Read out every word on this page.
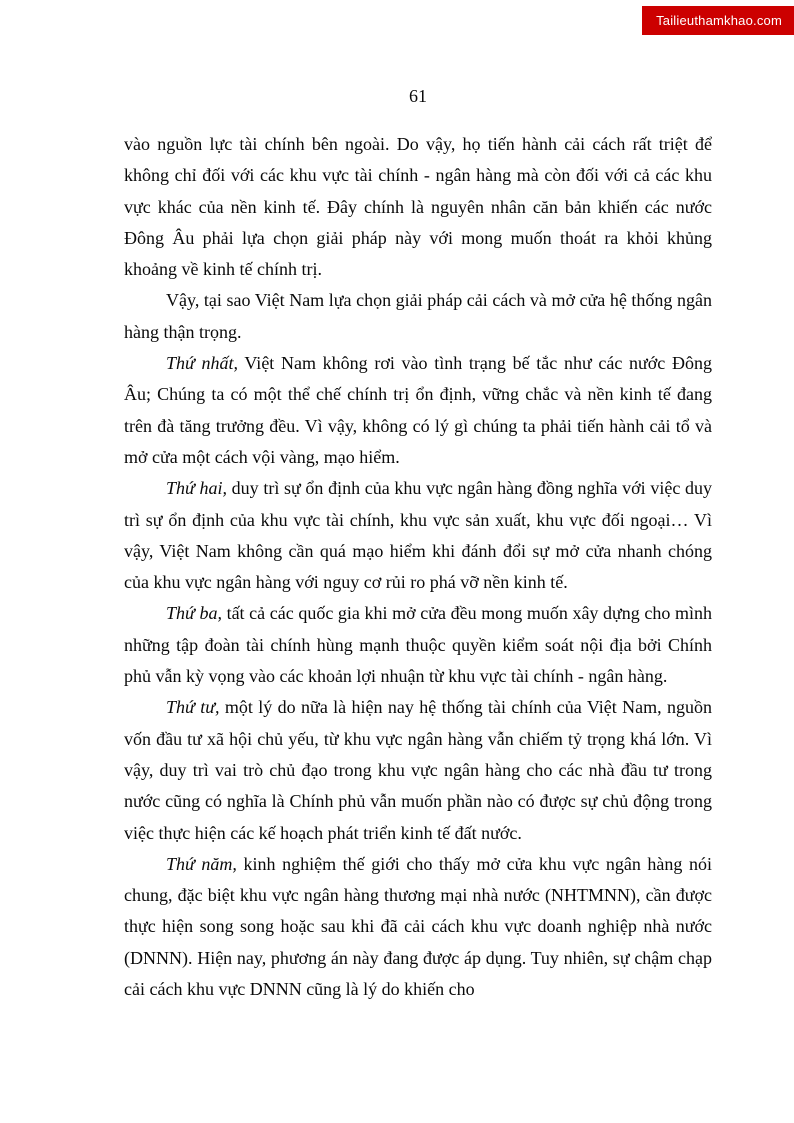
Tailieuthamkhao.com
61

vào nguồn lực tài chính bên ngoài. Do vậy, họ tiến hành cải cách rất triệt để không chỉ đối với các khu vực tài chính - ngân hàng mà còn đối với cả các khu vực khác của nền kinh tế. Đây chính là nguyên nhân căn bản khiến các nước Đông Âu phải lựa chọn giải pháp này với mong muốn thoát ra khỏi khủng khoảng về kinh tế chính trị.

Vậy, tại sao Việt Nam lựa chọn giải pháp cải cách và mở cửa hệ thống ngân hàng thận trọng.

Thứ nhất, Việt Nam không rơi vào tình trạng bế tắc như các nước Đông Âu; Chúng ta có một thể chế chính trị ổn định, vững chắc và nền kinh tế đang trên đà tăng trưởng đều. Vì vậy, không có lý gì chúng ta phải tiến hành cải tổ và mở cửa một cách vội vàng, mạo hiểm.

Thứ hai, duy trì sự ổn định của khu vực ngân hàng đồng nghĩa với việc duy trì sự ổn định của khu vực tài chính, khu vực sản xuất, khu vực đối ngoại… Vì vậy, Việt Nam không cần quá mạo hiểm khi đánh đổi sự mở cửa nhanh chóng của khu vực ngân hàng với nguy cơ rủi ro phá vỡ nền kinh tế.

Thứ ba, tất cả các quốc gia khi mở cửa đều mong muốn xây dựng cho mình những tập đoàn tài chính hùng mạnh thuộc quyền kiểm soát nội địa bởi Chính phủ vẫn kỳ vọng vào các khoản lợi nhuận từ khu vực tài chính - ngân hàng.

Thứ tư, một lý do nữa là hiện nay hệ thống tài chính của Việt Nam, nguồn vốn đầu tư xã hội chủ yếu, từ khu vực ngân hàng vẫn chiếm tỷ trọng khá lớn. Vì vậy, duy trì vai trò chủ đạo trong khu vực ngân hàng cho các nhà đầu tư trong nước cũng có nghĩa là Chính phủ vẫn muốn phần nào có được sự chủ động trong việc thực hiện các kế hoạch phát triển kinh tế đất nước.

Thứ năm, kinh nghiệm thế giới cho thấy mở cửa khu vực ngân hàng nói chung, đặc biệt khu vực ngân hàng thương mại nhà nước (NHTMNN), cần được thực hiện song song hoặc sau khi đã cải cách khu vực doanh nghiệp nhà nước (DNNN). Hiện nay, phương án này đang được áp dụng. Tuy nhiên, sự chậm chạp cải cách khu vực DNNN cũng là lý do khiến cho
